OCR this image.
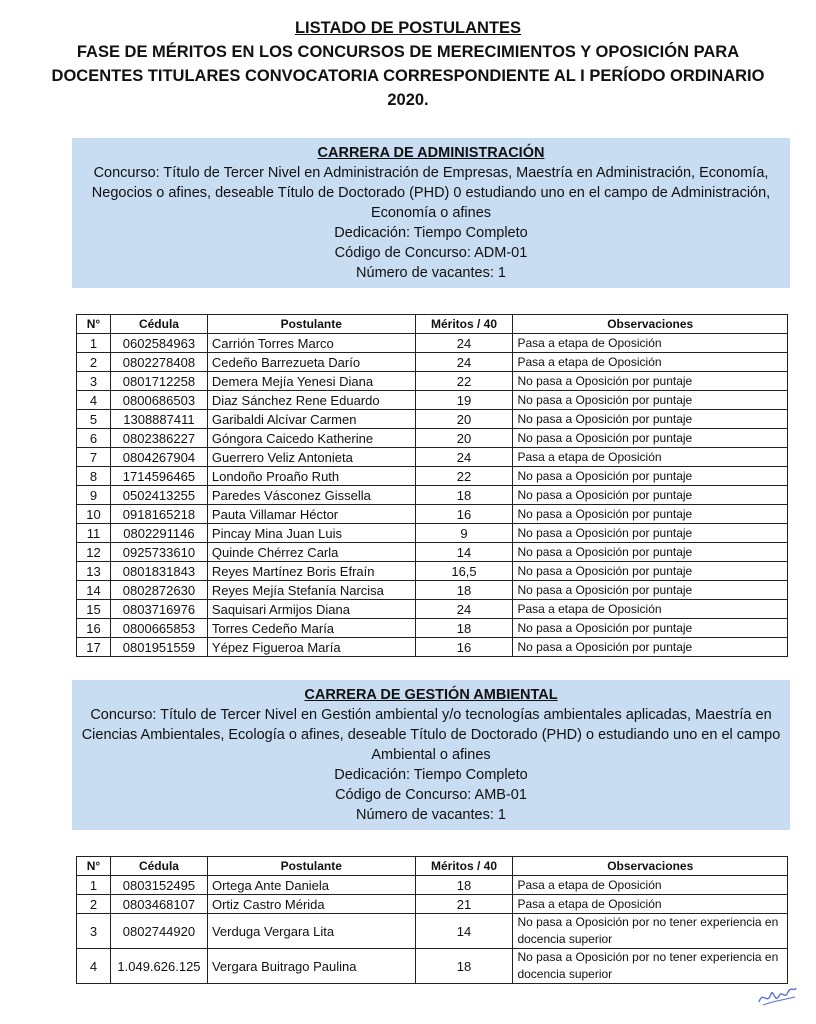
LISTADO DE POSTULANTES
FASE DE MÉRITOS EN LOS CONCURSOS DE MERECIMIENTOS Y OPOSICIÓN PARA
DOCENTES TITULARES CONVOCATORIA CORRESPONDIENTE AL I PERÍODO ORDINARIO
2020.
CARRERA DE ADMINISTRACIÓN
Concurso: Título de Tercer Nivel en Administración de Empresas, Maestría en Administración, Economía, Negocios o afines, deseable Título de Doctorado (PHD) 0 estudiando uno en el campo de Administración, Economía o afines
Dedicación: Tiempo Completo
Código de Concurso: ADM-01
Número de vacantes: 1
N°	Cédula	Postulante	Méritos / 40	Observaciones
1	0602584963	Carrión Torres Marco	24	Pasa a etapa de Oposición
2	0802278408	Cedeño Barrezueta Darío	24	Pasa a etapa de Oposición
3	0801712258	Demera Mejía Yenesi Diana	22	No pasa a Oposición por puntaje
4	0800686503	Diaz Sánchez Rene Eduardo	19	No pasa a Oposición por puntaje
5	1308887411	Garibaldi Alcívar Carmen	20	No pasa a Oposición por puntaje
6	0802386227	Góngora Caicedo Katherine	20	No pasa a Oposición por puntaje
7	0804267904	Guerrero Veliz Antonieta	24	Pasa a etapa de Oposición
8	1714596465	Londoño Proaño Ruth	22	No pasa a Oposición por puntaje
9	0502413255	Paredes Vásconez Gissella	18	No pasa a Oposición por puntaje
10	0918165218	Pauta Villamar Héctor	16	No pasa a Oposición por puntaje
11	0802291146	Pincay Mina Juan Luis	9	No pasa a Oposición por puntaje
12	0925733610	Quinde Chérrez Carla	14	No pasa a Oposición por puntaje
13	0801831843	Reyes Martínez Boris Efraín	16,5	No pasa a Oposición por puntaje
14	0802872630	Reyes Mejía Stefanía Narcisa	18	No pasa a Oposición por puntaje
15	0803716976	Saquisari Armijos Diana	24	Pasa a etapa de Oposición
16	0800665853	Torres Cedeño María	18	No pasa a Oposición por puntaje
17	0801951559	Yépez Figueroa María	16	No pasa a Oposición por puntaje
CARRERA DE GESTIÓN AMBIENTAL
Concurso: Título de Tercer Nivel en Gestión ambiental y/o tecnologías ambientales aplicadas, Maestría en Ciencias Ambientales, Ecología o afines, deseable Título de Doctorado (PHD) o estudiando uno en el campo Ambiental o afines
Dedicación: Tiempo Completo
Código de Concurso: AMB-01
Número de vacantes: 1
N°	Cédula	Postulante	Méritos / 40	Observaciones
1	0803152495	Ortega Ante Daniela	18	Pasa a etapa de Oposición
2	0803468107	Ortiz Castro Mérida	21	Pasa a etapa de Oposición
3	0802744920	Verduga Vergara Lita	14	No pasa a Oposición por no tener experiencia en docencia superior
4	1.049.626.125	Vergara Buitrago Paulina	18	No pasa a Oposición por no tener experiencia en docencia superior
